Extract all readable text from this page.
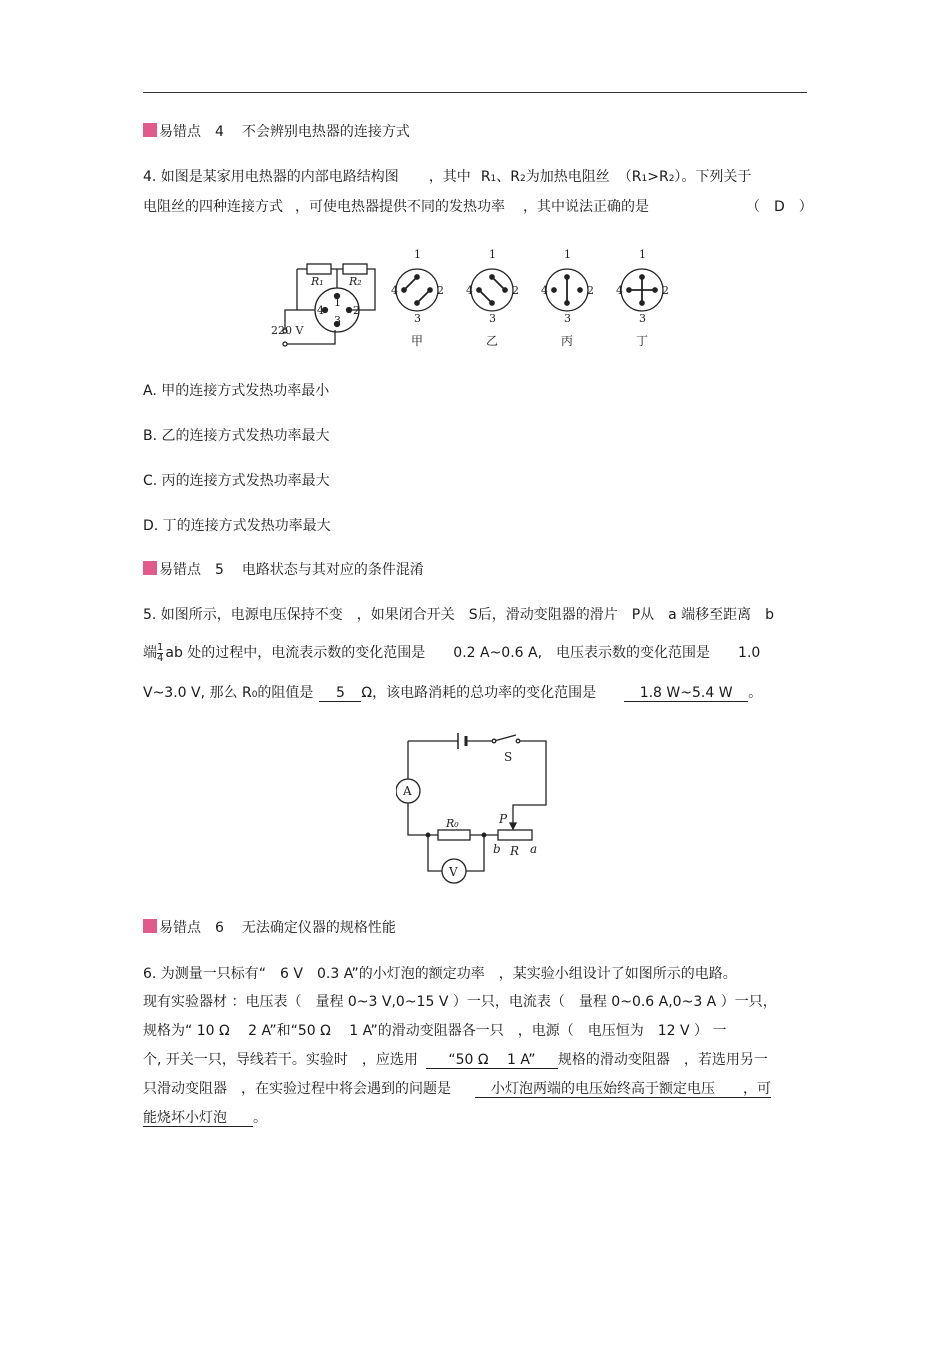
易错点 4 不会辨别电热器的连接方式
4. 如图是某家用电热器的内部电路结构图 ，其中 R1、R2为加热电阻丝 （R1>R2）。下列关于
电阻丝的四种连接方式 ，可使电热器提供不同的发热功率 ，其中说法正确的是	（　D　）
R₁ R₂
220 V
1
4	2
3
1
4	2
3
1
4	2
3
1
4	2
3
1
4	2
3
甲	乙	丙	丁
A. 甲的连接方式发热功率最小
B. 乙的连接方式发热功率最大
C. 丙的连接方式发热功率最大
D. 丁的连接方式发热功率最大
易错点 5 电路状态与其对应的条件混淆
5. 如图所示，电源电压保持不变　，如果闭合开关　S后，滑动变阻器的滑片　P从　a 端移至距离　b
端 $\frac{1}{4}$ ab 处的过程中，电流表示数的变化范围是　　0.2 A~0.6 A,　电压表示数的变化范围是　　1.0
V~3.0 V, 那么 R0的阻值是 5 Ω，该电路消耗的总功率的变化范围是	1.8 W~5.4 W 。
S
A
V
R₀	P
b R a
易错点 6 无法确定仪器的规格性能
6. 为测量一只标有“　6 V　0.3 A”的小灯泡的额定功率　，某实验小组设计了如图所示的电路。
现有实验器材 ：电压表（　量程 0~3 V,0~15 V ）一只，电流表（　量程 0~0.6 A,0~3 A ）一只，
规格为“ 10 Ω　 2 A”和“50 Ω　 1 A”的滑动变阻器各一只　，电源（　电压恒为　12 V ） 一
个, 开关一只，导线若干。实验时　，应选用 “50 Ω　 1 A” 规格的滑动变阻器　，若选用另一
只滑动变阻器　，在实验过程中将会遇到的问题是	小灯泡两端的电压始终高于额定电压　　，可
能烧坏小灯泡 。
